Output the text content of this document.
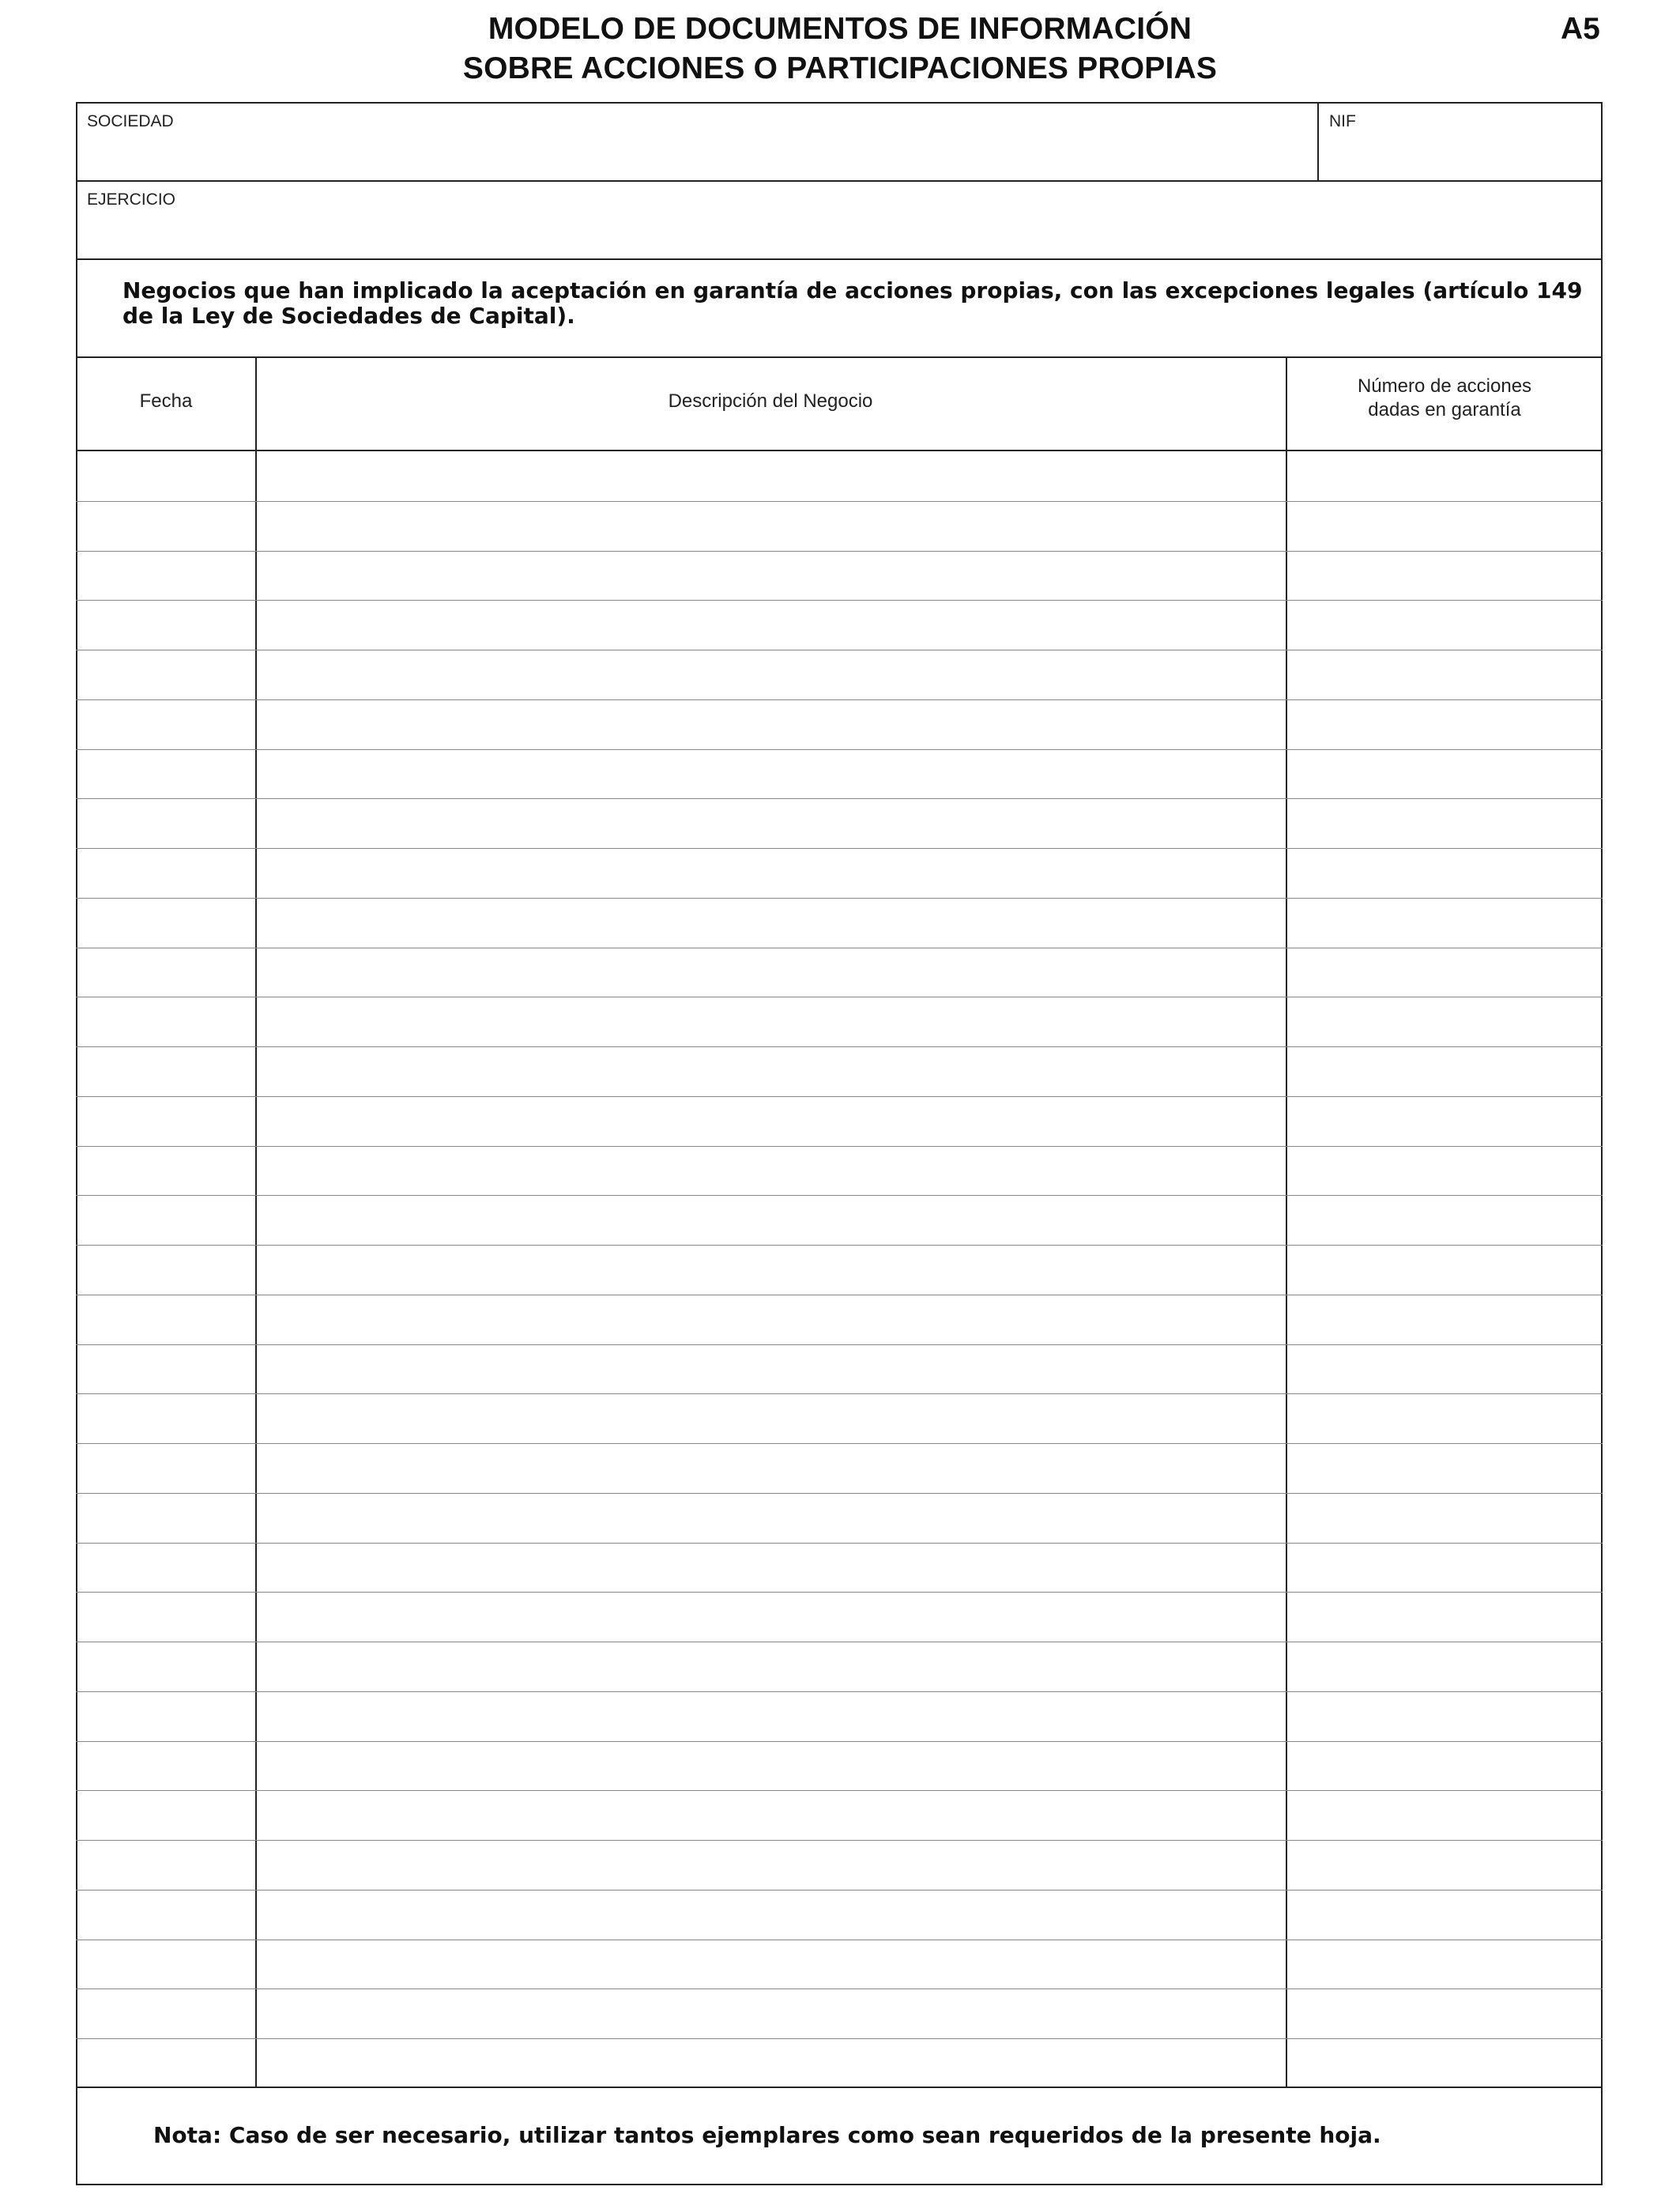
MODELO DE DOCUMENTOS DE INFORMACIÓN
SOBRE ACCIONES O PARTICIPACIONES PROPIAS
A5
SOCIEDAD	NIF
EJERCICIO
Negocios que han implicado la aceptación en garantía de acciones propias, con las excepciones legales (artículo 149 de la Ley de Sociedades de Capital).
Fecha	Descripción del Negocio
Número de acciones
dadas en garantía
Nota: Caso de ser necesario, utilizar tantos ejemplares como sean requeridos de la presente hoja.
